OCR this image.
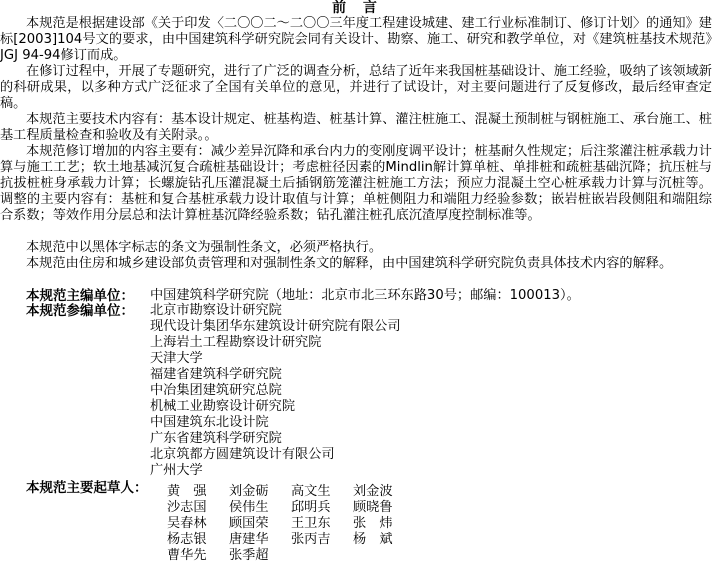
前 言

本规范是根据建设部《关于印发〈二〇〇二～二〇〇三年度工程建设城建、建工行业标准制订、修订计划〉的通知》建标[2003]104号文的要求，由中国建筑科学研究院会同有关设计、勘察、施工、研究和教学单位，对《建筑桩基技术规范》JGJ 94-94修订而成。

在修订过程中，开展了专题研究，进行了广泛的调查分析，总结了近年来我国桩基础设计、施工经验，吸纳了该领域新的科研成果，以多种方式广泛征求了全国有关单位的意见，并进行了试设计，对主要问题进行了反复修改，最后经审查定稿。

本规范主要技术内容有：基本设计规定、桩基构造、桩基计算、灌注桩施工、混凝土预制桩与钢桩施工、承台施工、桩基工程质量检查和验收及有关附录。。

本规范修订增加的内容主要有：减少差异沉降和承台内力的变刚度调平设计；桩基耐久性规定；后注浆灌注桩承载力计算与施工工艺；软土地基减沉复合疏桩基础设计；考虑桩径因素的Mindlin解计算单桩、单排桩和疏桩基础沉降；抗压桩与抗拔桩桩身承载力计算；长螺旋钻孔压灌混凝土后插钢筋笼灌注桩施工方法；预应力混凝土空心桩承载力计算与沉桩等。调整的主要内容有：基桩和复合基桩承载力设计取值与计算；单桩侧阻力和端阻力经验参数；嵌岩桩嵌岩段侧阻和端阻综合系数；等效作用分层总和法计算桩基沉降经验系数；钻孔灌注桩孔底沉渣厚度控制标准等。

本规范中以黑体字标志的条文为强制性条文，必须严格执行。

本规范由住房和城乡建设部负责管理和对强制性条文的解释，由中国建筑科学研究院负责具体技术内容的解释。

本规范主编单位： 中国建筑科学研究院（地址：北京市北三环东路30号；邮编：100013）。
本规范参编单位： 北京市勘察设计研究院
现代设计集团华东建筑设计研究院有限公司
上海岩土工程勘察设计研究院
天津大学
福建省建筑科学研究院
中冶集团建筑研究总院
机械工业勘察设计研究院
中国建筑东北设计院
广东省建筑科学研究院
北京筑都方圆建筑设计有限公司
广州大学
本规范主要起草人： 黄　强 刘金砺 高文生 刘金波
沙志国 侯伟生 邱明兵 顾晓鲁
吴春林 顾国荣 王卫东 张　炜
杨志银 唐建华 张丙吉 杨　斌
曹华先 张季超
